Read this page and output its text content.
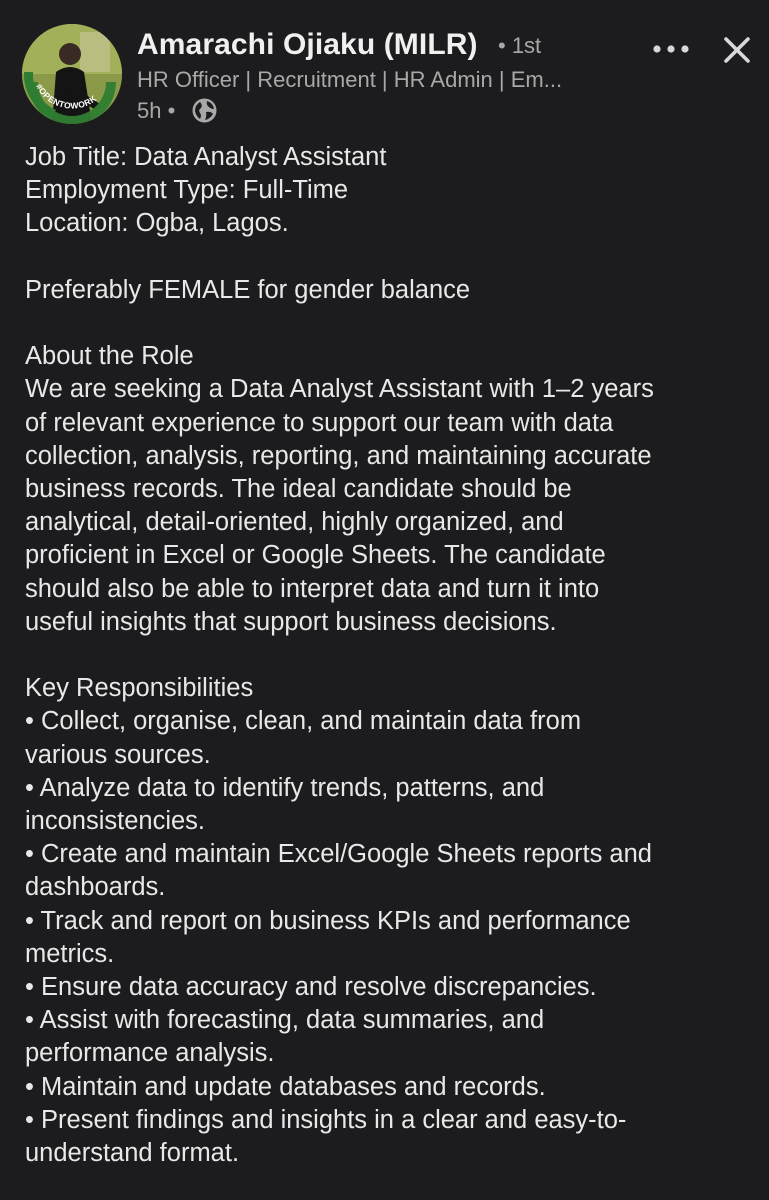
#OPENTOWORK
Amarachi Ojiaku (MILR) • 1st
HR Officer | Recruitment | HR Admin | Em...
5h •

Job Title: Data Analyst Assistant

Employment Type: Full-Time

Location: Ogba, Lagos.

Preferably FEMALE for gender balance

About the Role

We are seeking a Data Analyst Assistant with 1–2 years

of relevant experience to support our team with data

collection, analysis, reporting, and maintaining accurate

business records. The ideal candidate should be

analytical, detail-oriented, highly organized, and

proficient in Excel or Google Sheets. The candidate

should also be able to interpret data and turn it into

useful insights that support business decisions.

Key Responsibilities

• Collect, organise, clean, and maintain data from

various sources.

• Analyze data to identify trends, patterns, and

inconsistencies.

• Create and maintain Excel/Google Sheets reports and

dashboards.

• Track and report on business KPIs and performance

metrics.

• Ensure data accuracy and resolve discrepancies.

• Assist with forecasting, data summaries, and

performance analysis.

• Maintain and update databases and records.

• Present findings and insights in a clear and easy-to-

understand format.
